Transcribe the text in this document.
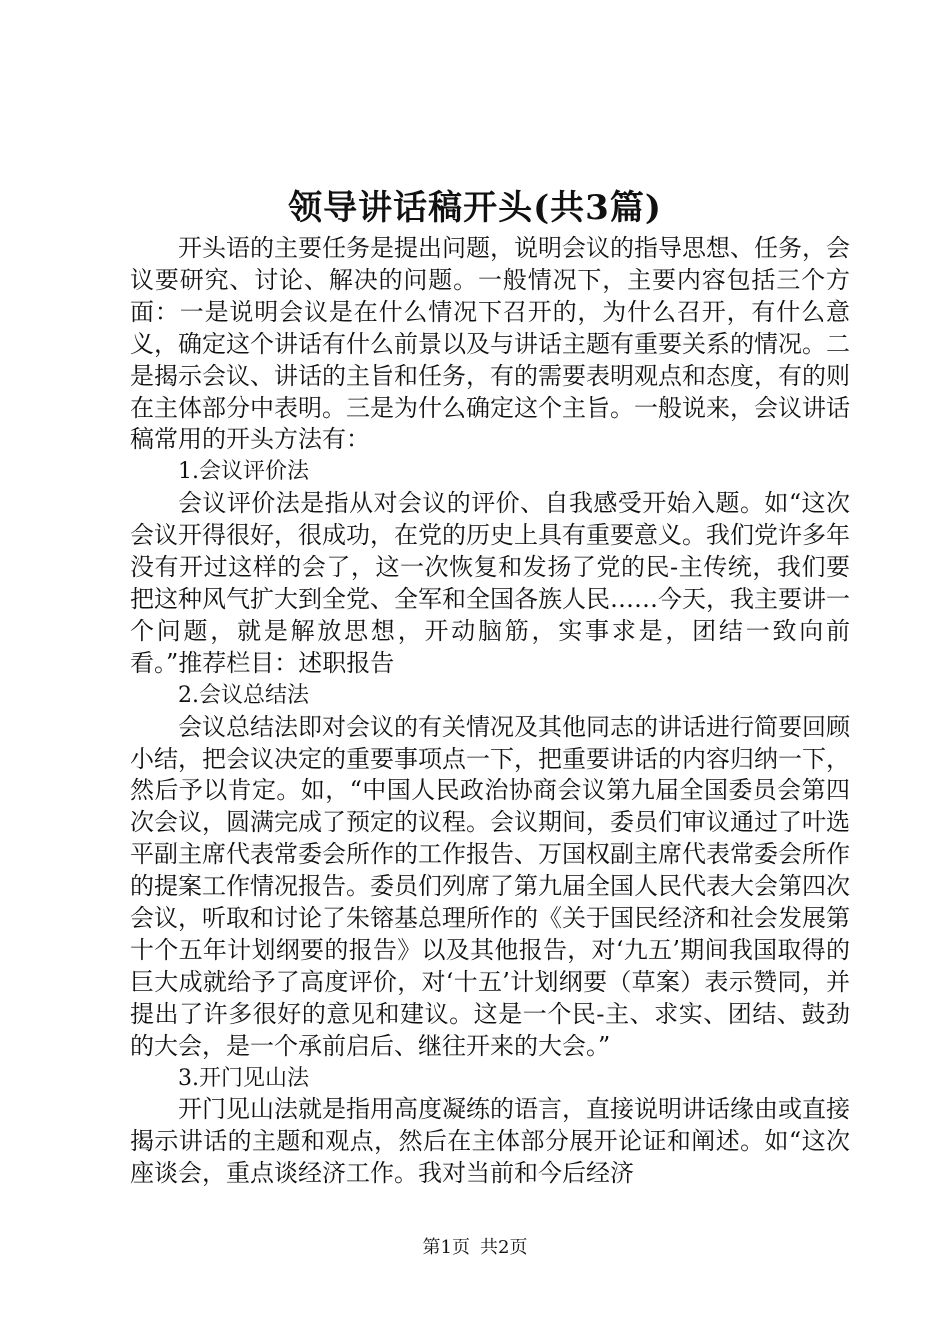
领导讲话稿开头(共3篇)

开头语的主要任务是提出问题，说明会议的指导思想、任务，会议要研究、讨论、解决的问题。一般情况下，主要内容包括三个方面：一是说明会议是在什么情况下召开的，为什么召开，有什么意义，确定这个讲话有什么前景以及与讲话主题有重要关系的情况。二是揭示会议、讲话的主旨和任务，有的需要表明观点和态度，有的则在主体部分中表明。三是为什么确定这个主旨。一般说来，会议讲话稿常用的开头方法有：

1.会议评价法

会议评价法是指从对会议的评价、自我感受开始入题。如“这次会议开得很好，很成功，在党的历史上具有重要意义。我们党许多年没有开过这样的会了，这一次恢复和发扬了党的民-主传统，我们要把这种风气扩大到全党、全军和全国各族人民……今天，我主要讲一个问题，就是解放思想，开动脑筋，实事求是，团结一致向前看。”推荐栏目：述职报告

2.会议总结法

会议总结法即对会议的有关情况及其他同志的讲话进行简要回顾小结，把会议决定的重要事项点一下，把重要讲话的内容归纳一下，然后予以肯定。如，“中国人民政治协商会议第九届全国委员会第四次会议，圆满完成了预定的议程。会议期间，委员们审议通过了叶选平副主席代表常委会所作的工作报告、万国权副主席代表常委会所作的提案工作情况报告。委员们列席了第九届全国人民代表大会第四次会议，听取和讨论了朱镕基总理所作的《关于国民经济和社会发展第十个五年计划纲要的报告》以及其他报告，对‘九五’期间我国取得的巨大成就给予了高度评价，对‘十五’计划纲要（草案）表示赞同，并提出了许多很好的意见和建议。这是一个民-主、求实、团结、鼓劲的大会，是一个承前启后、继往开来的大会。”

3.开门见山法

开门见山法就是指用高度凝练的语言，直接说明讲话缘由或直接揭示讲话的主题和观点，然后在主体部分展开论证和阐述。如“这次座谈会，重点谈经济工作。我对当前和今后经济

第1页 共2页
